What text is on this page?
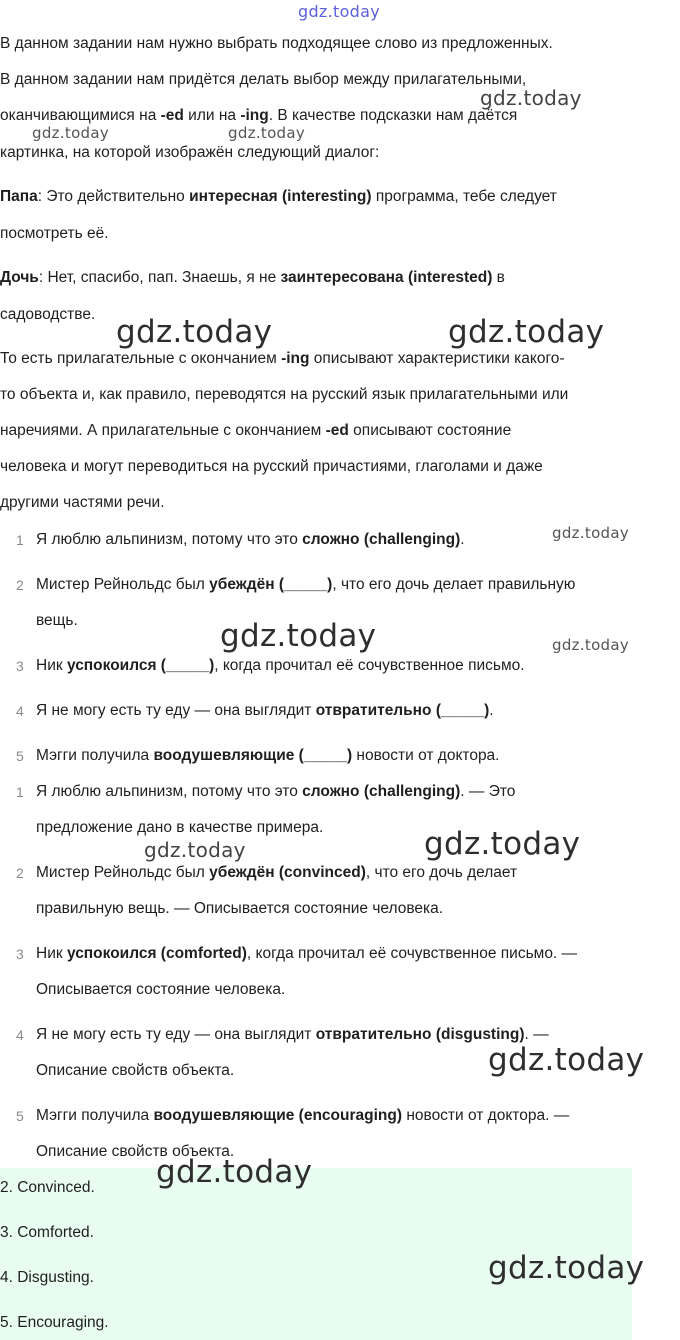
gdz.today
gdz.today
gdz.today	gdz.today
gdz.today	gdz.today
gdz.today
gdz.today	gdz.today
gdz.today	gdz.today
gdz.today
В данном задании нам нужно выбрать подходящее слово из предложенных.
В данном задании нам придётся делать выбор между прилагательными,
оканчивающимися на -ed или на -ing. В качестве подсказки нам даётся
картинка, на которой изображён следующий диалог:
Папа: Это действительно интересная (interesting) программа, тебе следует
посмотреть её.
Дочь: Нет, спасибо, пап. Знаешь, я не заинтересована (interested) в
садоводстве.
То есть прилагательные с окончанием -ing описывают характеристики какого-
то объекта и, как правило, переводятся на русский язык прилагательными или
наречиями. А прилагательные с окончанием -ed описывают состояние
человека и могут переводиться на русский причастиями, глаголами и даже
другими частями речи.
1 Я люблю альпинизм, потому что это сложно (challenging).
2 Мистер Рейнольдс был убеждён (_____), что его дочь делает правильную
вещь.
3 Ник успокоился (_____), когда прочитал её сочувственное письмо.
4 Я не могу есть ту еду — она выглядит отвратительно (_____).
5 Мэгги получила воодушевляющие (_____) новости от доктора.
1 Я люблю альпинизм, потому что это сложно (challenging). — Это
предложение дано в качестве примера.
2 Мистер Рейнольдс был убеждён (convinced), что его дочь делает
правильную вещь. — Описывается состояние человека.
3 Ник успокоился (comforted), когда прочитал её сочувственное письмо. —
Описывается состояние человека.
4 Я не могу есть ту еду — она выглядит отвратительно (disgusting). —
Описание свойств объекта.
5 Мэгги получила воодушевляющие (encouraging) новости от доктора. —
Описание свойств объекта.
2. Convinced.
3. Comforted.
4. Disgusting.
5. Encouraging.
gdz.today
gdz.today
